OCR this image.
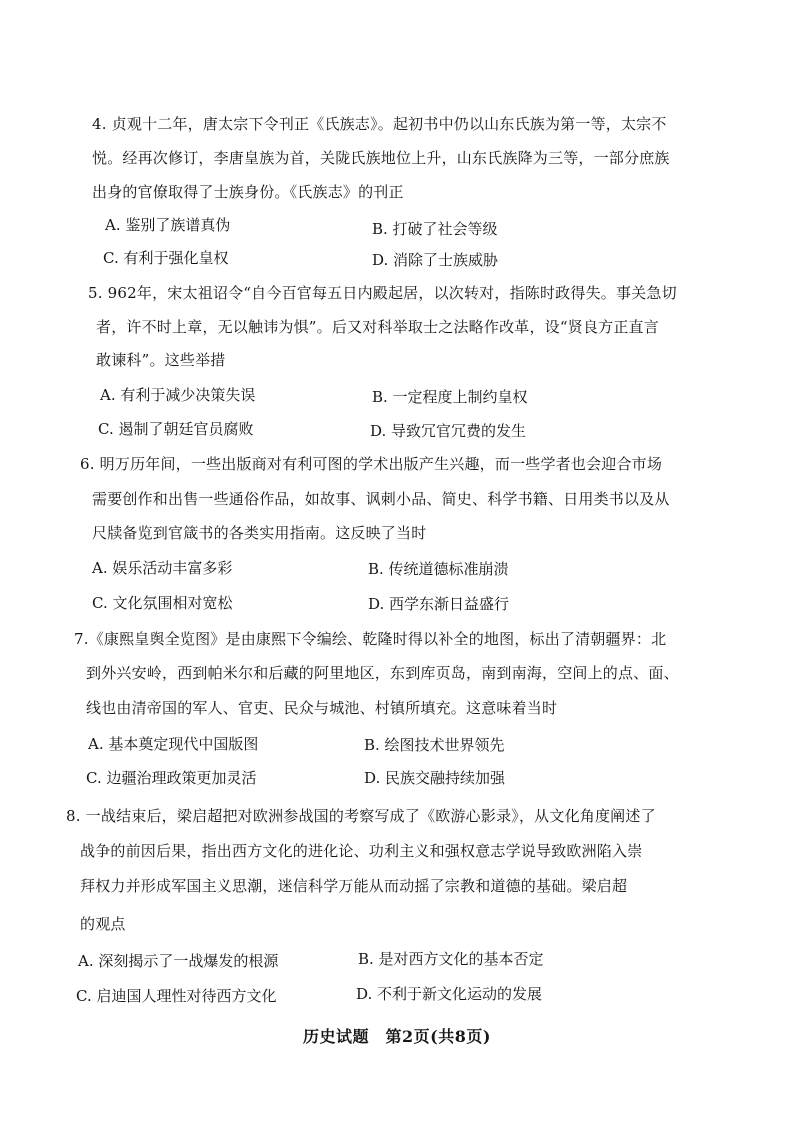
4. 贞观十二年，唐太宗下令刊正《氏族志》。起初书中仍以山东氏族为第一等，太宗不
悦。经再次修订，李唐皇族为首，关陇氏族地位上升，山东氏族降为三等，一部分庶族
出身的官僚取得了士族身份。《氏族志》的刊正
A. 鉴别了族谱真伪	B. 打破了社会等级
C. 有利于强化皇权	D. 消除了士族威胁
5. 962年，宋太祖诏令“自今百官每五日内殿起居，以次转对，指陈时政得失。事关急切
者，许不时上章，无以触讳为惧”。后又对科举取士之法略作改革，设“贤良方正直言
敢谏科”。这些举措
A. 有利于减少决策失误	B. 一定程度上制约皇权
C. 遏制了朝廷官员腐败	D. 导致冗官冗费的发生
6. 明万历年间，一些出版商对有利可图的学术出版产生兴趣，而一些学者也会迎合市场
需要创作和出售一些通俗作品，如故事、讽刺小品、简史、科学书籍、日用类书以及从
尺牍备览到官箴书的各类实用指南。这反映了当时
A. 娱乐活动丰富多彩	B. 传统道德标准崩溃
C. 文化氛围相对宽松	D. 西学东渐日益盛行
7.《康熙皇舆全览图》是由康熙下令编绘、乾隆时得以补全的地图，标出了清朝疆界：北
到外兴安岭，西到帕米尔和后藏的阿里地区，东到库页岛，南到南海，空间上的点、面、
线也由清帝国的军人、官吏、民众与城池、村镇所填充。这意味着当时
A. 基本奠定现代中国版图	B. 绘图技术世界领先
C. 边疆治理政策更加灵活	D. 民族交融持续加强
8. 一战结束后，梁启超把对欧洲参战国的考察写成了《欧游心影录》，从文化角度阐述了
战争的前因后果，指出西方文化的进化论、功利主义和强权意志学说导致欧洲陷入崇
拜权力并形成军国主义思潮，迷信科学万能从而动摇了宗教和道德的基础。梁启超
的观点
A. 深刻揭示了一战爆发的根源	B. 是对西方文化的基本否定
C. 启迪国人理性对待西方文化	D. 不利于新文化运动的发展
历史试题　第2页(共8页)
